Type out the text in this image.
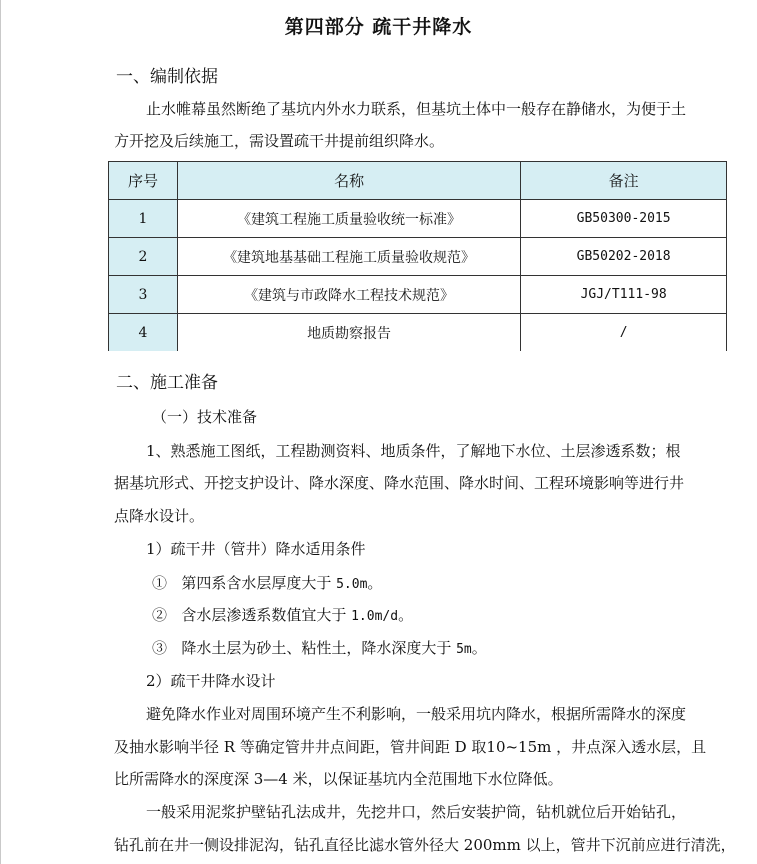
第四部分 疏干井降水
一、编制依据
止水帷幕虽然断绝了基坑内外水力联系，但基坑土体中一般存在静储水，为便于土
方开挖及后续施工，需设置疏干井提前组织降水。
序号	名称	备注
1	《建筑工程施工质量验收统一标准》	GB50300-2015
2	《建筑地基基础工程施工质量验收规范》	GB50202-2018
3	《建筑与市政降水工程技术规范》	JGJ/T111-98
4	地质勘察报告	/
二、施工准备
（一）技术准备
1、熟悉施工图纸，工程勘测资料、地质条件，了解地下水位、土层渗透系数；根
据基坑形式、开挖支护设计、降水深度、降水范围、降水时间、工程环境影响等进行井
点降水设计。
1）疏干井（管井）降水适用条件
① 第四系含水层厚度大于 5.0m。
② 含水层渗透系数值宜大于 1.0m/d。
③ 降水土层为砂土、粘性土，降水深度大于 5m。
2）疏干井降水设计
避免降水作业对周围环境产生不利影响，一般采用坑内降水，根据所需降水的深度
及抽水影响半径 R 等确定管井井点间距，管井间距 D 取10~15m ，井点深入透水层，且
比所需降水的深度深 3—4 米，以保证基坑内全范围地下水位降低。
一般采用泥浆护壁钻孔法成井，先挖井口，然后安装护筒，钻机就位后开始钻孔，
钻孔前在井一侧设排泥沟，钻孔直径比滤水管外径大 200mm 以上，管井下沉前应进行清洗，
